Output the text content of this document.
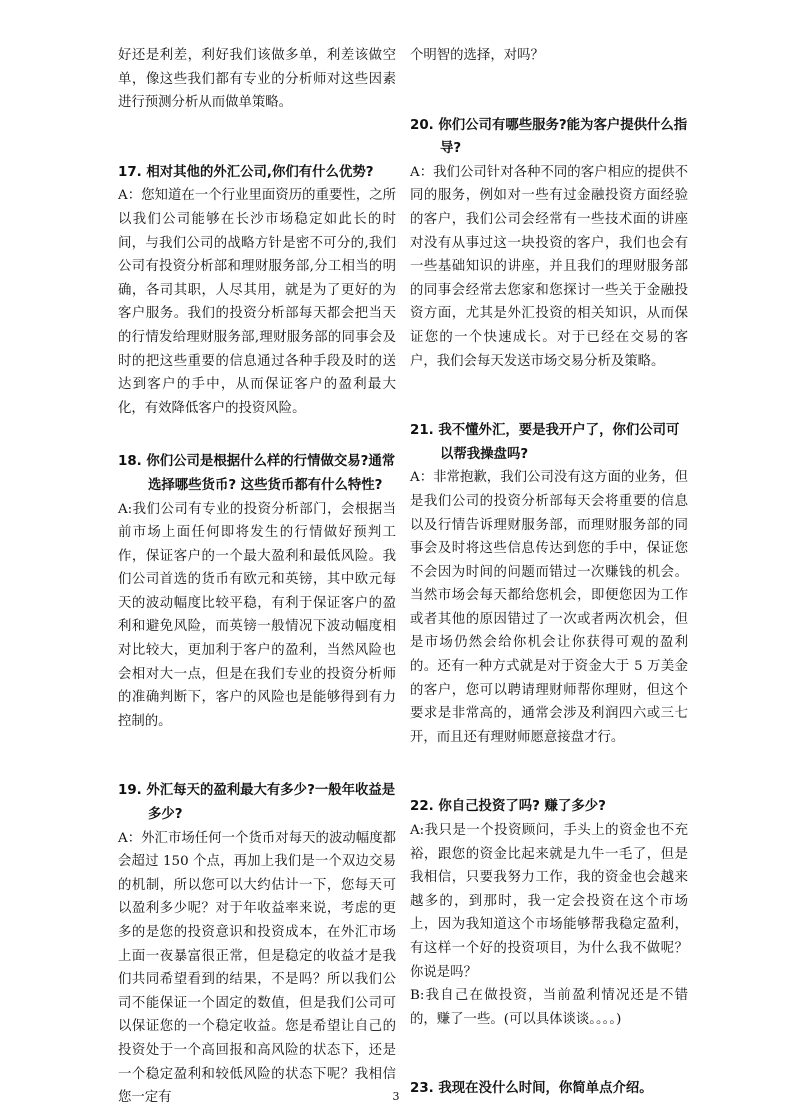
好还是利差，利好我们该做多单，利差该做空单，像这些我们都有专业的分析师对这些因素进行预测分析从而做单策略。

17. 相对其他的外汇公司,你们有什么优势?

A：您知道在一个行业里面资历的重要性，之所以我们公司能够在长沙市场稳定如此长的时间，与我们公司的战略方针是密不可分的,我们公司有投资分析部和理财服务部,分工相当的明确，各司其职，人尽其用，就是为了更好的为客户服务。我们的投资分析部每天都会把当天的行情发给理财服务部,理财服务部的同事会及时的把这些重要的信息通过各种手段及时的送达到客户的手中，从而保证客户的盈利最大化，有效降低客户的投资风险。

18. 你们公司是根据什么样的行情做交易?通常选择哪些货币? 这些货币都有什么特性?

A:我们公司有专业的投资分析部门，会根据当前市场上面任何即将发生的行情做好预判工作，保证客户的一个最大盈利和最低风险。我们公司首选的货币有欧元和英镑，其中欧元每天的波动幅度比较平稳，有利于保证客户的盈利和避免风险，而英镑一般情况下波动幅度相对比较大，更加利于客户的盈利，当然风险也会相对大一点，但是在我们专业的投资分析师的准确判断下，客户的风险也是能够得到有力控制的。

19. 外汇每天的盈利最大有多少?一般年收益是多少?

A：外汇市场任何一个货币对每天的波动幅度都会超过 150 个点，再加上我们是一个双边交易的机制，所以您可以大约估计一下，您每天可以盈利多少呢？对于年收益率来说，考虑的更多的是您的投资意识和投资成本，在外汇市场上面一夜暴富很正常，但是稳定的收益才是我们共同希望看到的结果，不是吗？所以我们公司不能保证一个固定的数值，但是我们公司可以保证您的一个稳定收益。您是希望让自己的投资处于一个高回报和高风险的状态下，还是一个稳定盈利和较低风险的状态下呢？我相信您一定有

个明智的选择，对吗？

20. 你们公司有哪些服务?能为客户提供什么指导?

A：我们公司针对各种不同的客户相应的提供不同的服务，例如对一些有过金融投资方面经验的客户，我们公司会经常有一些技术面的讲座 对没有从事过这一块投资的客户，我们也会有一些基础知识的讲座，并且我们的理财服务部的同事会经常去您家和您探讨一些关于金融投资方面，尤其是外汇投资的相关知识，从而保证您的一个快速成长。对于已经在交易的客户，我们会每天发送市场交易分析及策略。

21. 我不懂外汇，要是我开户了，你们公司可以帮我操盘吗?

A：非常抱歉，我们公司没有这方面的业务，但是我们公司的投资分析部每天会将重要的信息以及行情告诉理财服务部，而理财服务部的同事会及时将这些信息传达到您的手中，保证您不会因为时间的问题而错过一次赚钱的机会。当然市场会每天都给您机会，即便您因为工作或者其他的原因错过了一次或者两次机会，但是市场仍然会给你机会让你获得可观的盈利的。还有一种方式就是对于资金大于 5 万美金的客户，您可以聘请理财师帮你理财，但这个要求是非常高的，通常会涉及利润四六或三七开，而且还有理财师愿意接盘才行。

22. 你自己投资了吗? 赚了多少?

A:我只是一个投资顾问，手头上的资金也不充裕，跟您的资金比起来就是九牛一毛了，但是我相信，只要我努力工作，我的资金也会越来越多的，到那时，我一定会投资在这个市场上，因为我知道这个市场能够帮我稳定盈利，有这样一个好的投资项目，为什么我不做呢？你说是吗？

B:我自己在做投资，当前盈利情况还是不错的，赚了一些。(可以具体谈谈。。。。)

23. 我现在没什么时间，你简单点介绍。

3
